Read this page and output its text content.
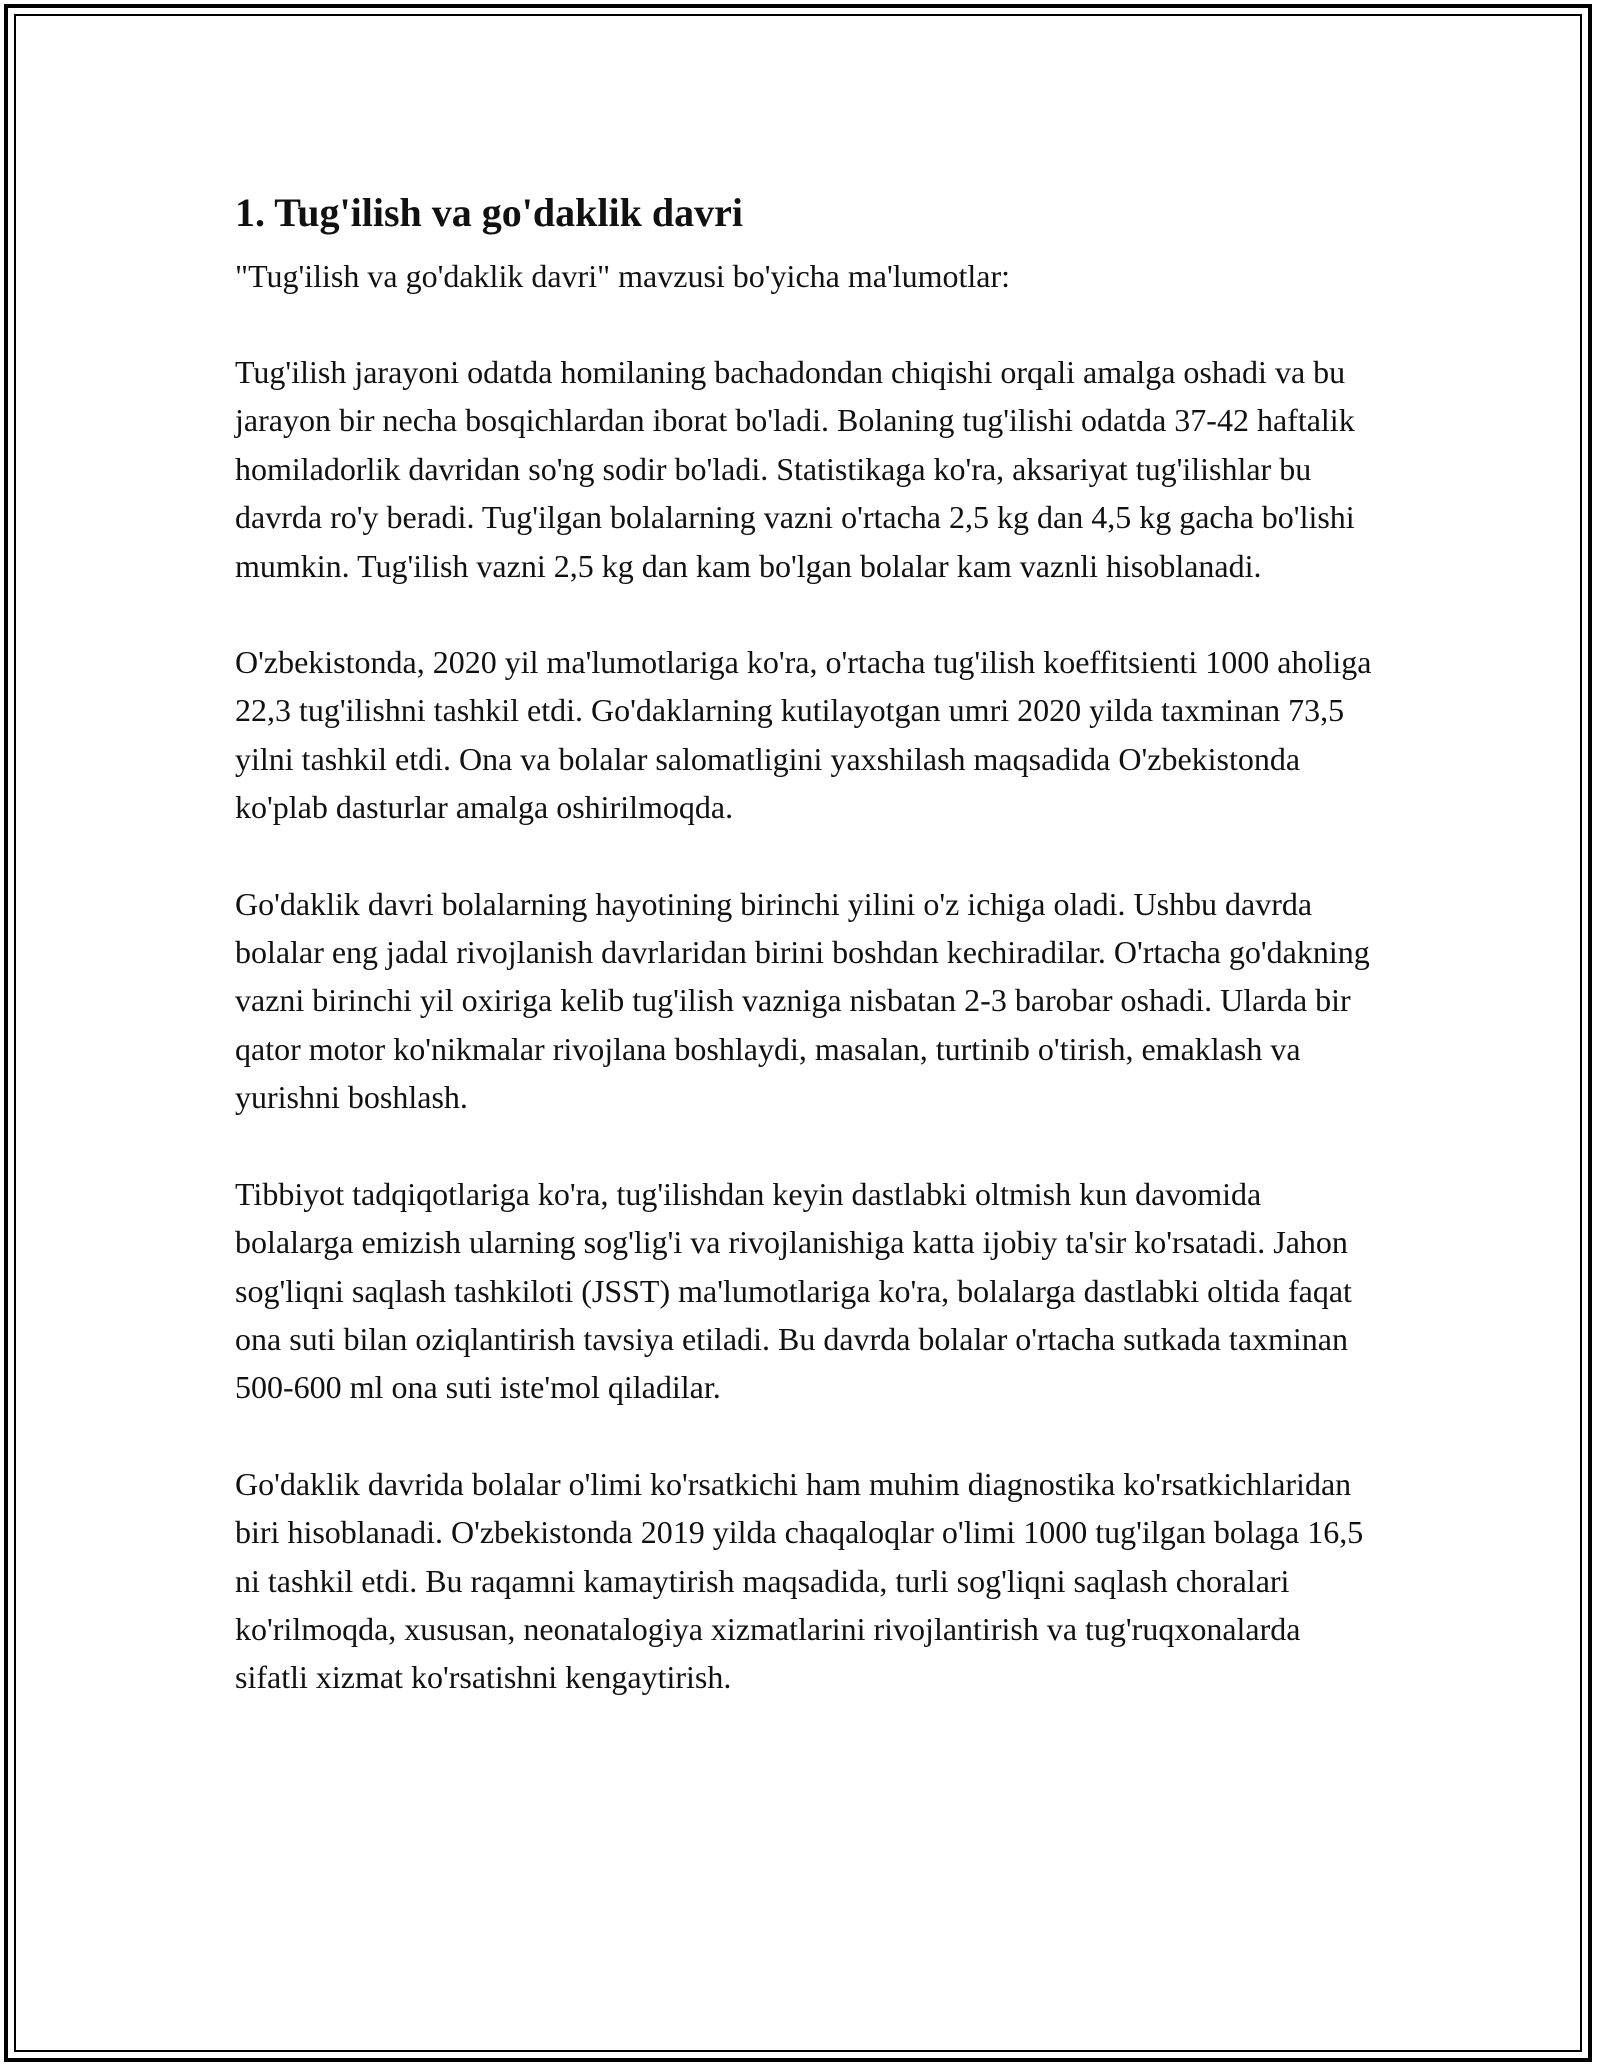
1. Tug'ilish va go'daklik davri

"Tug'ilish va go'daklik davri" mavzusi bo'yicha ma'lumotlar:

Tug'ilish jarayoni odatda homilaning bachadondan chiqishi orqali amalga oshadi va bu jarayon bir necha bosqichlardan iborat bo'ladi. Bolaning tug'ilishi odatda 37-42 haftalik homiladorlik davridan so'ng sodir bo'ladi. Statistikaga ko'ra, aksariyat tug'ilishlar bu davrda ro'y beradi. Tug'ilgan bolalarning vazni o'rtacha 2,5 kg dan 4,5 kg gacha bo'lishi mumkin. Tug'ilish vazni 2,5 kg dan kam bo'lgan bolalar kam vaznli hisoblanadi.

O'zbekistonda, 2020 yil ma'lumotlariga ko'ra, o'rtacha tug'ilish koeffitsienti 1000 aholiga 22,3 tug'ilishni tashkil etdi. Go'daklarning kutilayotgan umri 2020 yilda taxminan 73,5 yilni tashkil etdi. Ona va bolalar salomatligini yaxshilash maqsadida O'zbekistonda ko'plab dasturlar amalga oshirilmoqda.

Go'daklik davri bolalarning hayotining birinchi yilini o'z ichiga oladi. Ushbu davrda bolalar eng jadal rivojlanish davrlaridan birini boshdan kechiradilar. O'rtacha go'dakning vazni birinchi yil oxiriga kelib tug'ilish vazniga nisbatan 2-3 barobar oshadi. Ularda bir qator motor ko'nikmalar rivojlana boshlaydi, masalan, turtinib o'tirish, emaklash va yurishni boshlash.

Tibbiyot tadqiqotlariga ko'ra, tug'ilishdan keyin dastlabki oltmish kun davomida bolalarga emizish ularning sog'lig'i va rivojlanishiga katta ijobiy ta'sir ko'rsatadi. Jahon sog'liqni saqlash tashkiloti (JSST) ma'lumotlariga ko'ra, bolalarga dastlabki oltida faqat ona suti bilan oziqlantirish tavsiya etiladi. Bu davrda bolalar o'rtacha sutkada taxminan 500-600 ml ona suti iste'mol qiladilar.

Go'daklik davrida bolalar o'limi ko'rsatkichi ham muhim diagnostika ko'rsatkichlaridan biri hisoblanadi. O'zbekistonda 2019 yilda chaqaloqlar o'limi 1000 tug'ilgan bolaga 16,5 ni tashkil etdi. Bu raqamni kamaytirish maqsadida, turli sog'liqni saqlash choralari ko'rilmoqda, xususan, neonatalogiya xizmatlarini rivojlantirish va tug'ruqxonalarda sifatli xizmat ko'rsatishni kengaytirish.
